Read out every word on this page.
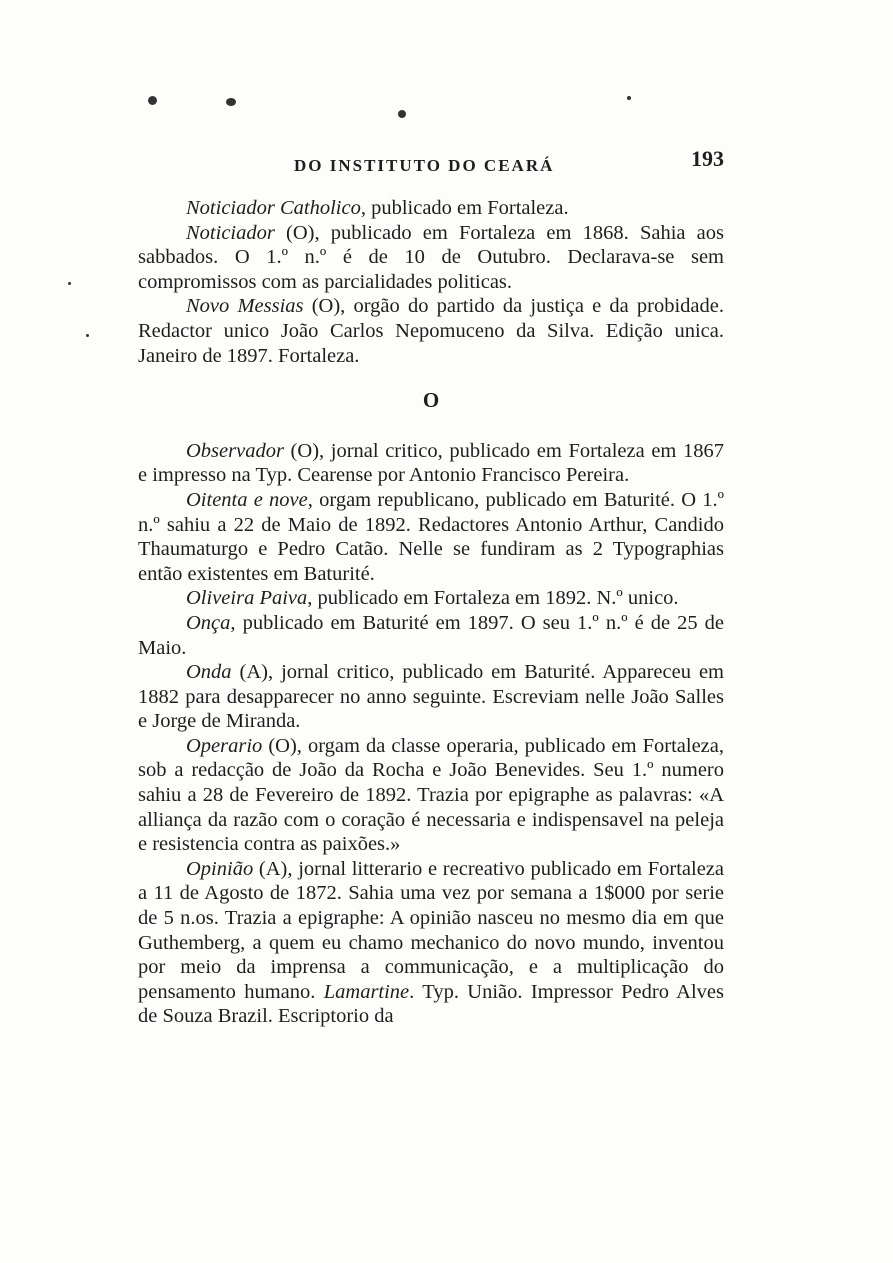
DO INSTITUTO DO CEARÁ	193

Noticiador Catholico, publicado em Fortaleza.

Noticiador (O), publicado em Fortaleza em 1868. Sahia aos sabbados. O 1.º n.º é de 10 de Outubro. Declarava-se sem compromissos com as parcialidades politicas.

Novo Messias (O), orgão do partido da justiça e da probidade. Redactor unico João Carlos Nepomuceno da Silva. Edição unica. Janeiro de 1897. Fortaleza.

O

Observador (O), jornal critico, publicado em Fortaleza em 1867 e impresso na Typ. Cearense por Antonio Francisco Pereira.

Oitenta e nove, orgam republicano, publicado em Baturité. O 1.º n.º sahiu a 22 de Maio de 1892. Redactores Antonio Arthur, Candido Thaumaturgo e Pedro Catão. Nelle se fundiram as 2 Typographias então existentes em Baturité.

Oliveira Paiva, publicado em Fortaleza em 1892. N.º unico.

Onça, publicado em Baturité em 1897. O seu 1.º n.º é de 25 de Maio.

Onda (A), jornal critico, publicado em Baturité. Appareceu em 1882 para desapparecer no anno seguinte. Escreviam nelle João Salles e Jorge de Miranda.

Operario (O), orgam da classe operaria, publicado em Fortaleza, sob a redacção de João da Rocha e João Benevides. Seu 1.º numero sahiu a 28 de Fevereiro de 1892. Trazia por epigraphe as palavras: «A alliança da razão com o coração é necessaria e indispensavel na peleja e resistencia contra as paixões.»

Opinião (A), jornal litterario e recreativo publicado em Fortaleza a 11 de Agosto de 1872. Sahia uma vez por semana a 1$000 por serie de 5 n.os. Trazia a epigraphe: A opinião nasceu no mesmo dia em que Guthemberg, a quem eu chamo mechanico do novo mundo, inventou por meio da imprensa a communicação, e a multiplicação do pensamento humano. Lamartine. Typ. União. Impressor Pedro Alves de Souza Brazil. Escriptorio da
